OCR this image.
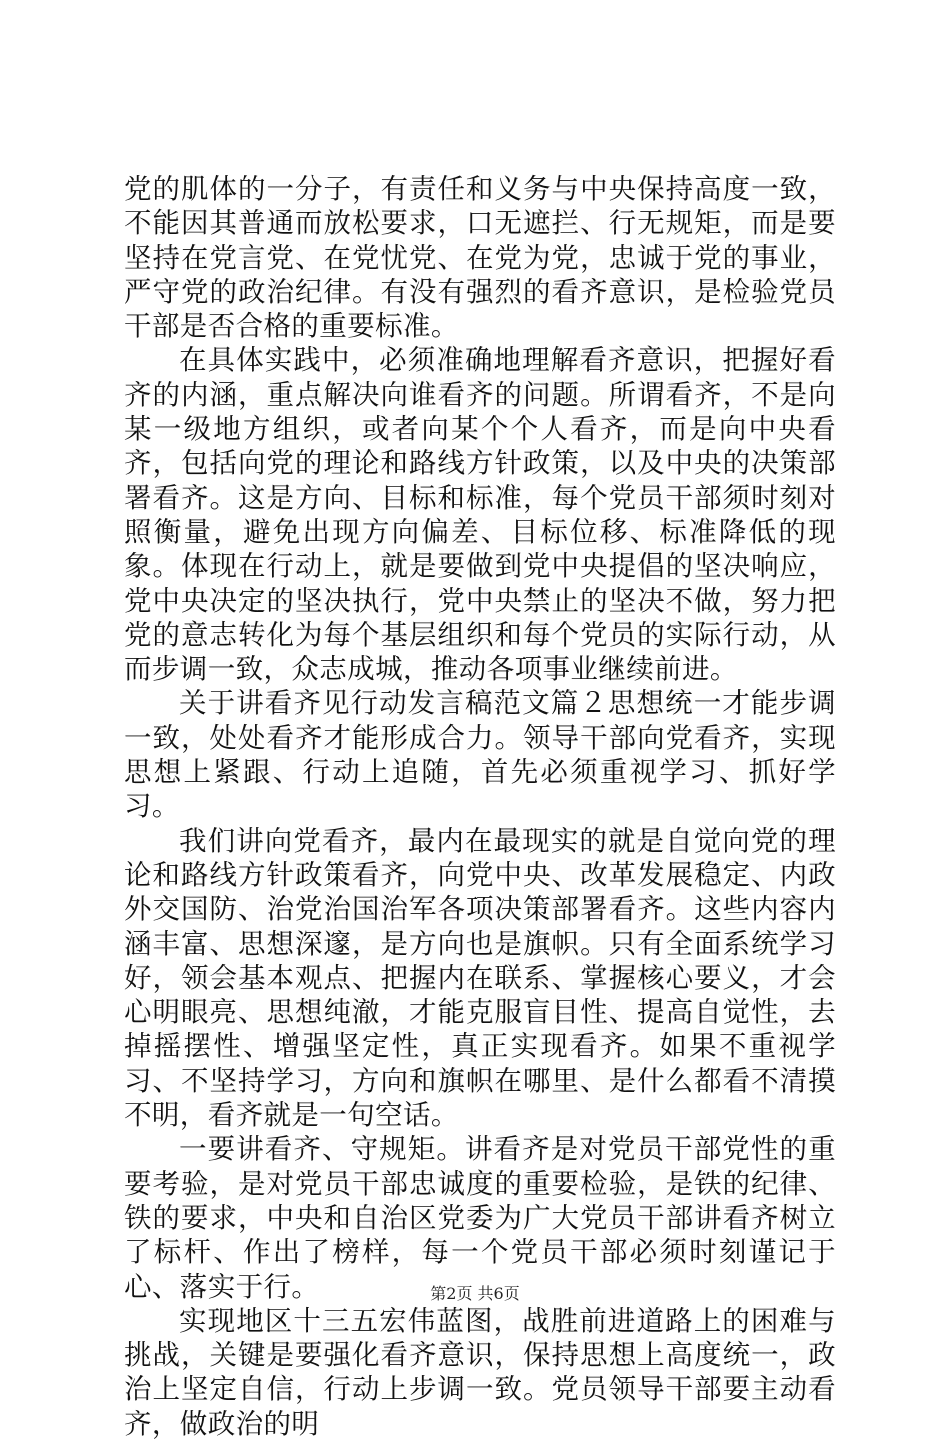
党的肌体的一分子，有责任和义务与中央保持高度一致，不能因其普通而放松要求，口无遮拦、行无规矩，而是要坚持在党言党、在党忧党、在党为党，忠诚于党的事业，严守党的政治纪律。有没有强烈的看齐意识，是检验党员干部是否合格的重要标准。

在具体实践中，必须准确地理解看齐意识，把握好看齐的内涵，重点解决向谁看齐的问题。所谓看齐，不是向某一级地方组织，或者向某个个人看齐，而是向中央看齐，包括向党的理论和路线方针政策，以及中央的决策部署看齐。这是方向、目标和标准，每个党员干部须时刻对照衡量，避免出现方向偏差、目标位移、标准降低的现象。体现在行动上，就是要做到党中央提倡的坚决响应，党中央决定的坚决执行，党中央禁止的坚决不做，努力把党的意志转化为每个基层组织和每个党员的实际行动，从而步调一致，众志成城，推动各项事业继续前进。

关于讲看齐见行动发言稿范文篇２思想统一才能步调一致，处处看齐才能形成合力。领导干部向党看齐，实现思想上紧跟、行动上追随，首先必须重视学习、抓好学习。

我们讲向党看齐，最内在最现实的就是自觉向党的理论和路线方针政策看齐，向党中央、改革发展稳定、内政外交国防、治党治国治军各项决策部署看齐。这些内容内涵丰富、思想深邃，是方向也是旗帜。只有全面系统学习好，领会基本观点、把握内在联系、掌握核心要义，才会心明眼亮、思想纯澈，才能克服盲目性、提高自觉性，去掉摇摆性、增强坚定性，真正实现看齐。如果不重视学习、不坚持学习，方向和旗帜在哪里、是什么都看不清摸不明，看齐就是一句空话。

一要讲看齐、守规矩。讲看齐是对党员干部党性的重要考验，是对党员干部忠诚度的重要检验，是铁的纪律、铁的要求，中央和自治区党委为广大党员干部讲看齐树立了标杆、作出了榜样，每一个党员干部必须时刻谨记于心、落实于行。

实现地区十三五宏伟蓝图，战胜前进道路上的困难与挑战，关键是要强化看齐意识，保持思想上高度统一，政治上坚定自信，行动上步调一致。党员领导干部要主动看齐，做政治的明

第2页 共6页
